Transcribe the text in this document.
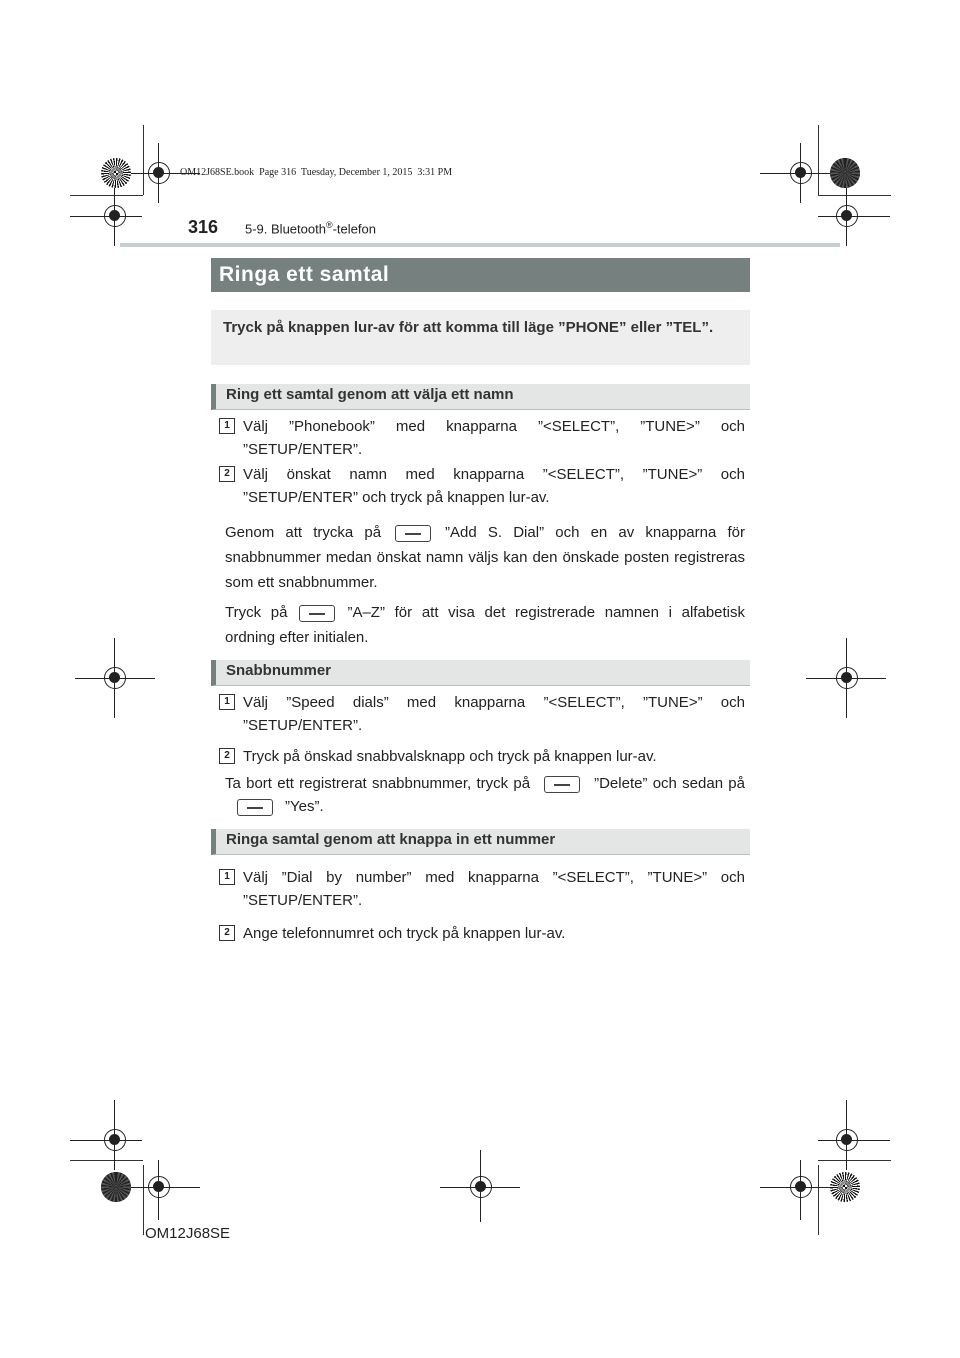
OM12J68SE.book  Page 316  Tuesday, December 1, 2015  3:31 PM
316 5-9. Bluetooth®-telefon
Ringa ett samtal
Tryck på knappen lur-av för att komma till läge ”PHONE” eller ”TEL”.
Ring ett samtal genom att välja ett namn
1 Välj ”Phonebook” med knapparna ”<SELECT”, ”TUNE>” och ”SETUP/ENTER”.
2 Välj önskat namn med knapparna ”<SELECT”, ”TUNE>” och ”SETUP/ENTER” och tryck på knappen lur-av.
Genom att trycka på	”Add S. Dial” och en av knapparna för snabbnummer medan önskat namn väljs kan den önskade posten registreras som ett snabbnummer.
Tryck på	”A–Z” för att visa det registrerade namnen i alfabetisk ordning efter initialen.
Snabbnummer
1 Välj ”Speed dials” med knapparna ”<SELECT”, ”TUNE>” och ”SETUP/ENTER”.
2 Tryck på önskad snabbvalsknapp och tryck på knappen lur-av.
Ta bort ett registrerat snabbnummer, tryck på	”Delete” och sedan på”Yes”.
Ringa samtal genom att knappa in ett nummer
1 Välj ”Dial by number” med knapparna ”<SELECT”, ”TUNE>” och ”SETUP/ENTER”.
2 Ange telefonnumret och tryck på knappen lur-av.
OM12J68SE
